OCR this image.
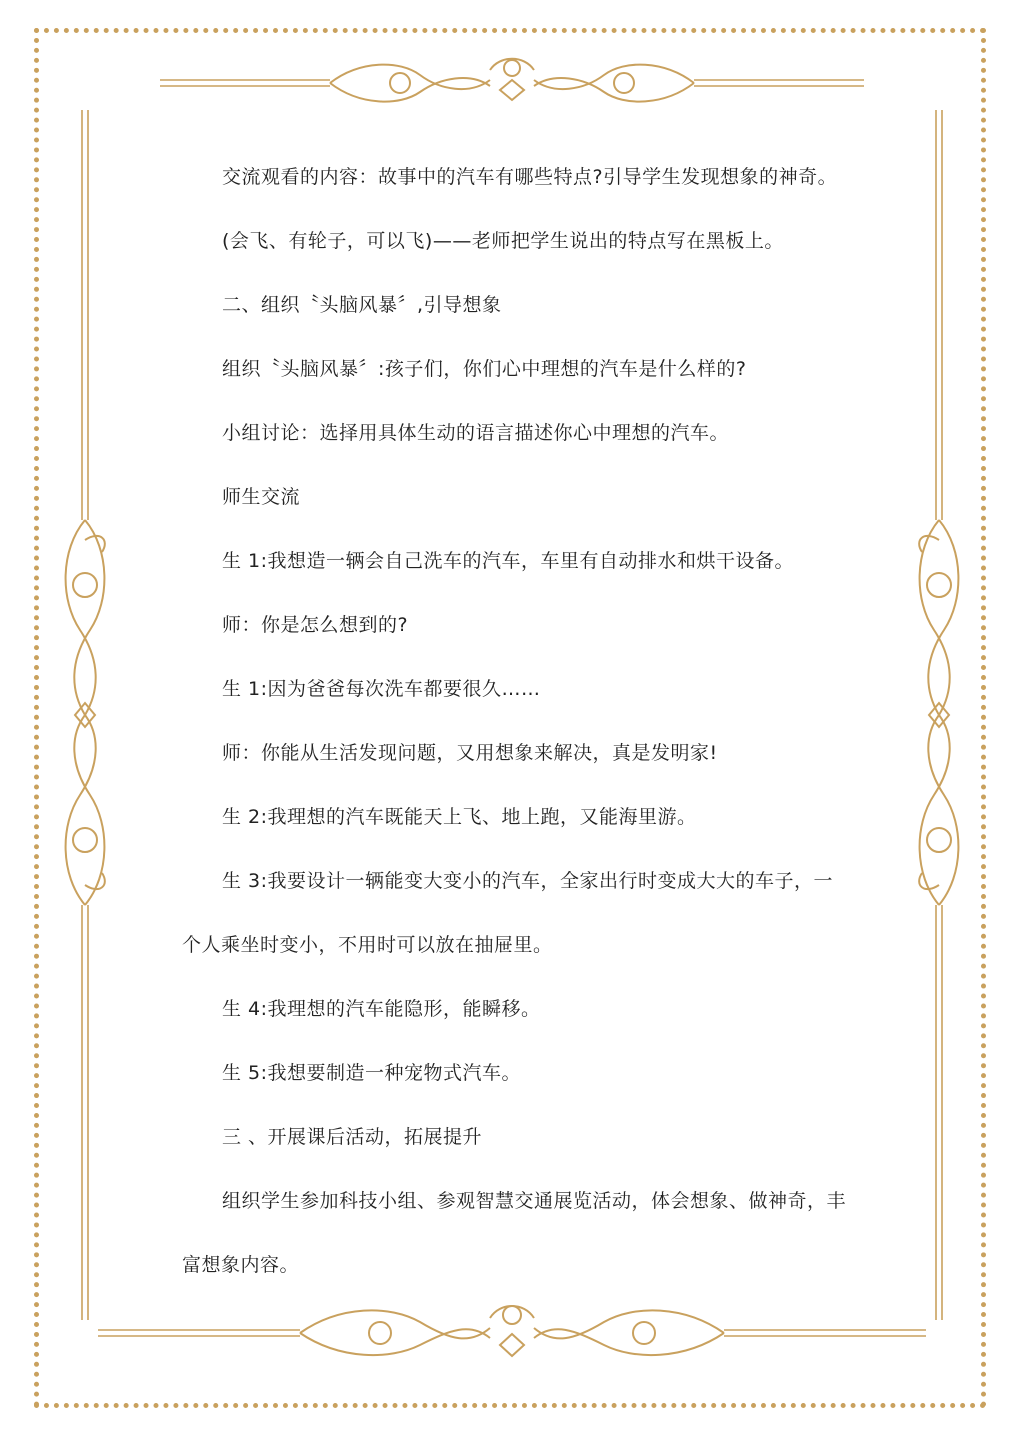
交流观看的内容：故事中的汽车有哪些特点?引导学生发现想象的神奇。

(会飞、有轮子，可以飞)——老师把学生说出的特点写在黑板上。

二、组织〝头脑风暴〞,引导想象

组织〝头脑风暴〞:孩子们，你们心中理想的汽车是什么样的?

小组讨论：选择用具体生动的语言描述你心中理想的汽车。

师生交流

生 1:我想造一辆会自己洗车的汽车，车里有自动排水和烘干设备。

师：你是怎么想到的?

生 1:因为爸爸每次洗车都要很久……

师：你能从生活发现问题，又用想象来解决，真是发明家!

生 2:我理想的汽车既能天上飞、地上跑，又能海里游。

生 3:我要设计一辆能变大变小的汽车，全家出行时变成大大的车子，一个人乘坐时变小，不用时可以放在抽屉里。

生 4:我理想的汽车能隐形，能瞬移。

生 5:我想要制造一种宠物式汽车。

三 、开展课后活动，拓展提升

组织学生参加科技小组、参观智慧交通展览活动，体会想象、做神奇，丰富想象内容。
